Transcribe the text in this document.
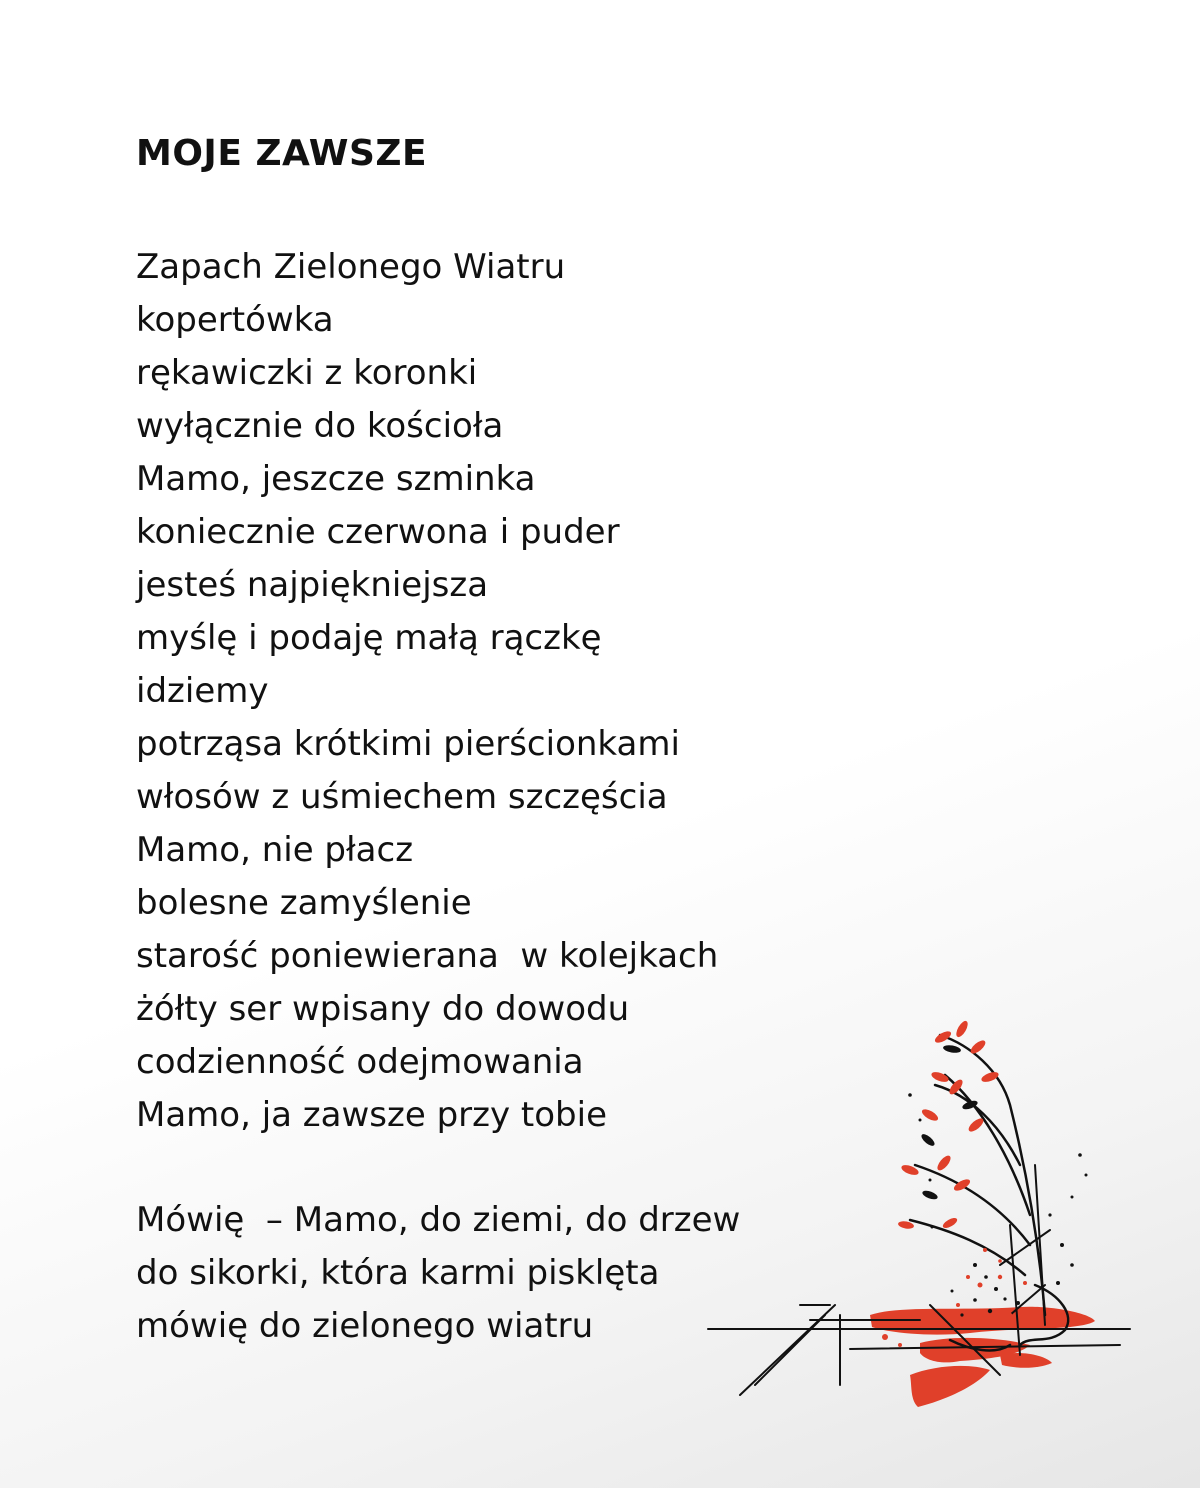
MOJE ZAWSZE
Zapach Zielonego Wiatru
kopertówka
rękawiczki z koronki
wyłącznie do kościoła
Mamo, jeszcze szminka
koniecznie czerwona i puder
jesteś najpiękniejsza
myślę i podaję małą rączkę
idziemy
potrząsa krótkimi pierścionkami
włosów z uśmiechem szczęścia
Mamo, nie płacz
bolesne zamyślenie
starość poniewierana  w kolejkach
żółty ser wpisany do dowodu
codzienność odejmowania
Mamo, ja zawsze przy tobie
Mówię  – Mamo, do ziemi, do drzew
do sikorki, która karmi pisklęta
mówię do zielonego wiatru
